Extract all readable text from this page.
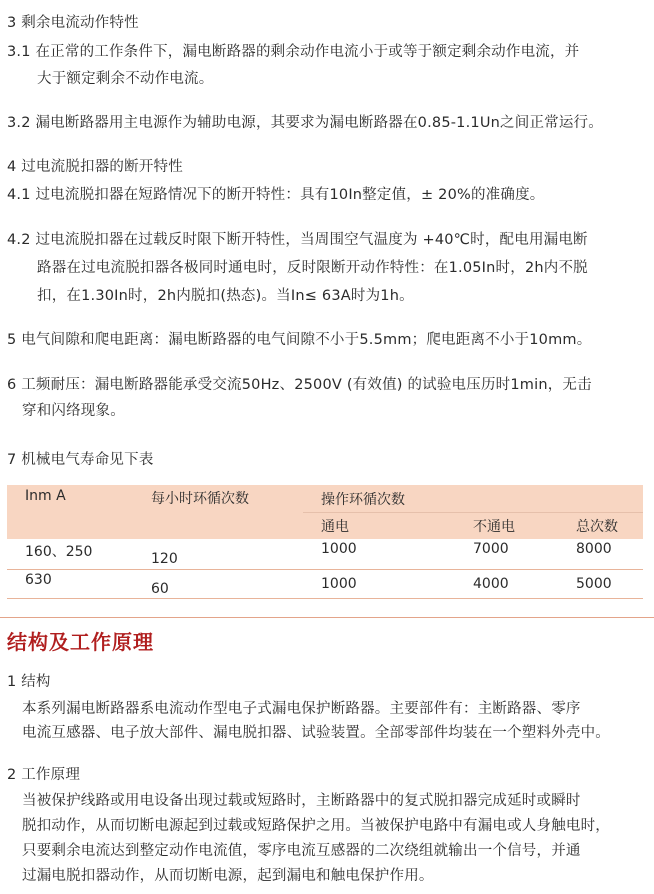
3 剩余电流动作特性
3.1 在正常的工作条件下，漏电断路器的剩余动作电流小于或等于额定剩余动作电流，并
大于额定剩余不动作电流。
3.2 漏电断路器用主电源作为辅助电源，其要求为漏电断路器在0.85-1.1Un之间正常运行。
4 过电流脱扣器的断开特性
4.1 过电流脱扣器在短路情况下的断开特性：具有10In整定值，± 20%的准确度。
4.2 过电流脱扣器在过载反时限下断开特性，当周围空气温度为 +40℃时，配电用漏电断
路器在过电流脱扣器各极同时通电时，反时限断开动作特性：在1.05In时，2h内不脱
扣，在1.30In时，2h内脱扣(热态)。当In≤ 63A时为1h。
5 电气间隙和爬电距离：漏电断路器的电气间隙不小于5.5mm；爬电距离不小于10mm。
6 工频耐压：漏电断路器能承受交流50Hz、2500V (有效值) 的试验电压历时1min，无击
穿和闪络现象。
7 机械电气寿命见下表
Inm A	每小时环循次数	操作环循次数		
		通电	不通电	总次数
160、250	120	1000	7000	8000
630	60	1000	4000	5000
结构及工作原理
1 结构
本系列漏电断路器系电流动作型电子式漏电保护断路器。主要部件有：主断路器、零序
电流互感器、电子放大部件、漏电脱扣器、试验装置。全部零部件均装在一个塑料外壳中。
2 工作原理
当被保护线路或用电设备出现过载或短路时，主断路器中的复式脱扣器完成延时或瞬时
脱扣动作，从而切断电源起到过载或短路保护之用。当被保护电路中有漏电或人身触电时，
只要剩余电流达到整定动作电流值，零序电流互感器的二次绕组就输出一个信号，并通
过漏电脱扣器动作，从而切断电源，起到漏电和触电保护作用。
